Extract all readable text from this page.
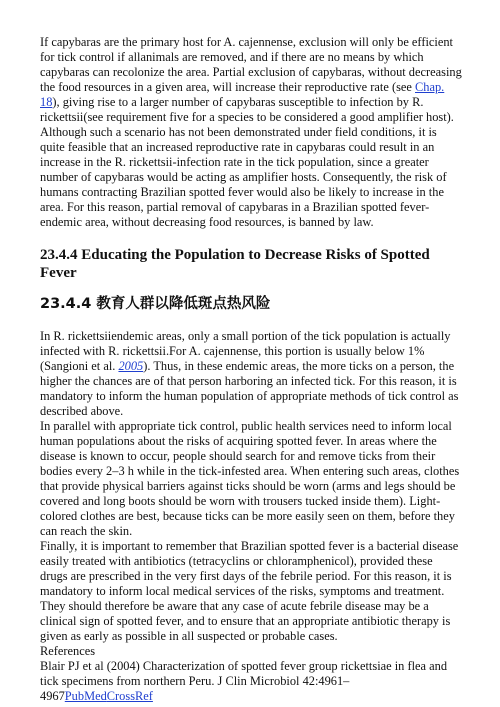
If capybaras are the primary host for A. cajennense, exclusion will only be efficient for tick control if allanimals are removed, and if there are no means by which capybaras can recolonize the area. Partial exclusion of capybaras, without decreasing the food resources in a given area, will increase their reproductive rate (see Chap. 18), giving rise to a larger number of capybaras susceptible to infection by R. rickettsii(see requirement five for a species to be considered a good amplifier host). Although such a scenario has not been demonstrated under field conditions, it is quite feasible that an increased reproductive rate in capybaras could result in an increase in the R. rickettsii-infection rate in the tick population, since a greater number of capybaras would be acting as amplifier hosts. Consequently, the risk of humans contracting Brazilian spotted fever would also be likely to increase in the area. For this reason, partial removal of capybaras in a Brazilian spotted fever-endemic area, without decreasing food resources, is banned by law.

23.4.4 Educating the Population to Decrease Risks of Spotted Fever
23.4.4 教育人群以降低斑点热风险

In R. rickettsiiendemic areas, only a small portion of the tick population is actually infected with R. rickettsii.For A. cajennense, this portion is usually below 1% (Sangioni et al. 2005). Thus, in these endemic areas, the more ticks on a person, the higher the chances are of that person harboring an infected tick. For this reason, it is mandatory to inform the human population of appropriate methods of tick control as described above.

In parallel with appropriate tick control, public health services need to inform local human populations about the risks of acquiring spotted fever. In areas where the disease is known to occur, people should search for and remove ticks from their bodies every 2–3 h while in the tick-infested area. When entering such areas, clothes that provide physical barriers against ticks should be worn (arms and legs should be covered and long boots should be worn with trousers tucked inside them). Light-colored clothes are best, because ticks can be more easily seen on them, before they can reach the skin.

Finally, it is important to remember that Brazilian spotted fever is a bacterial disease easily treated with antibiotics (tetracyclins or chloramphenicol), provided these drugs are prescribed in the very first days of the febrile period. For this reason, it is mandatory to inform local medical services of the risks, symptoms and treatment. They should therefore be aware that any case of acute febrile disease may be a clinical sign of spotted fever, and to ensure that an appropriate antibiotic therapy is given as early as possible in all suspected or probable cases.

References

Blair PJ et al (2004) Characterization of spotted fever group rickettsiae in flea and tick specimens from northern Peru. J Clin Microbiol 42:4961–4967PubMedCrossRef
